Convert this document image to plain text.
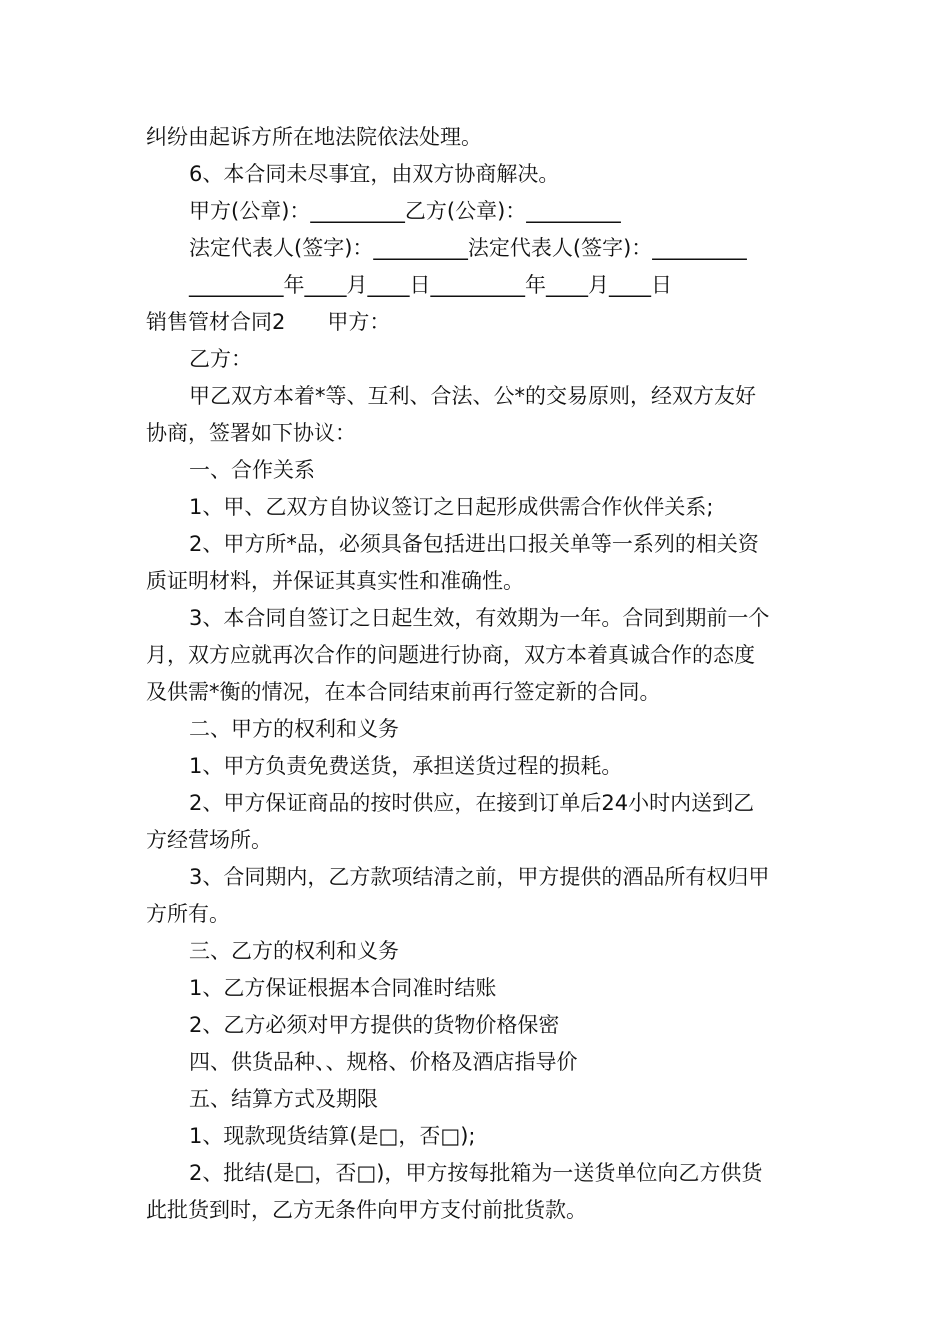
纠纷由起诉方所在地法院依法处理。
6、本合同未尽事宜，由双方协商解决。
甲方(公章)：_________乙方(公章)：_________
法定代表人(签字)：_________法定代表人(签字)：_________
_________年____月____日_________年____月____日
销售管材合同2　　甲方：
乙方：
甲乙双方本着*等、互利、合法、公*的交易原则，经双方友好
协商，签署如下协议：
一、合作关系
1、甲、乙双方自协议签订之日起形成供需合作伙伴关系;
2、甲方所*品，必须具备包括进出口报关单等一系列的相关资
质证明材料，并保证其真实性和准确性。
3、本合同自签订之日起生效，有效期为一年。合同到期前一个
月，双方应就再次合作的问题进行协商，双方本着真诚合作的态度
及供需*衡的情况，在本合同结束前再行签定新的合同。
二、甲方的权利和义务
1、甲方负责免费送货，承担送货过程的损耗。
2、甲方保证商品的按时供应，在接到订单后24小时内送到乙
方经营场所。
3、合同期内，乙方款项结清之前，甲方提供的酒品所有权归甲
方所有。
三、乙方的权利和义务
1、乙方保证根据本合同准时结账
2、乙方必须对甲方提供的货物价格保密
四、供货品种、、规格、价格及酒店指导价
五、结算方式及期限
1、现款现货结算(是□，否□);
2、批结(是□，否□)，甲方按每批箱为一送货单位向乙方供货
此批货到时，乙方无条件向甲方支付前批货款。
